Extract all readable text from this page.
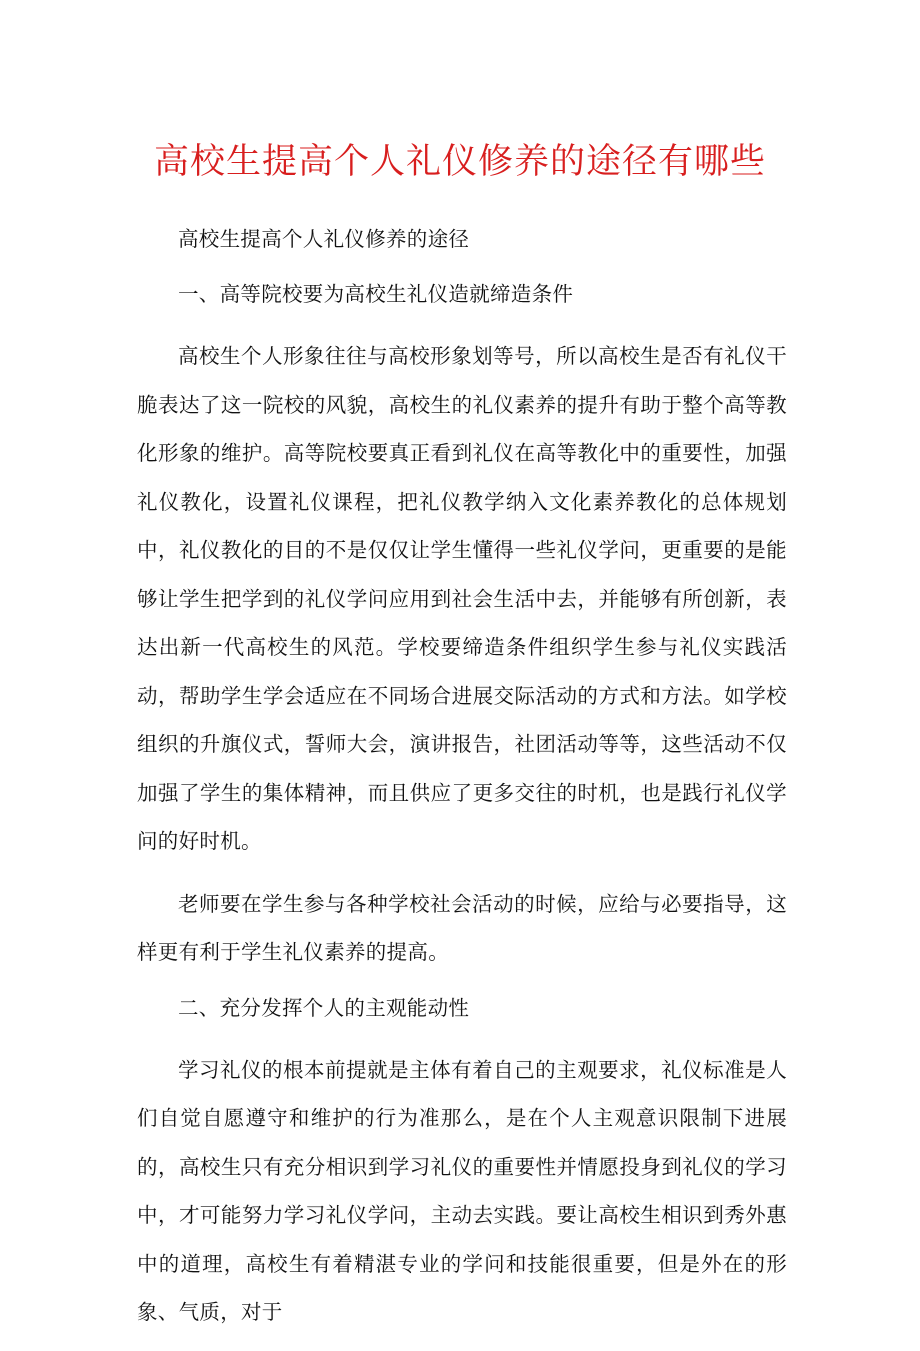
高校生提高个人礼仪修养的途径有哪些

高校生提高个人礼仪修养的途径

一、高等院校要为高校生礼仪造就缔造条件

高校生个人形象往往与高校形象划等号，所以高校生是否有礼仪干脆表达了这一院校的风貌，高校生的礼仪素养的提升有助于整个高等教化形象的维护。高等院校要真正看到礼仪在高等教化中的重要性，加强礼仪教化，设置礼仪课程，把礼仪教学纳入文化素养教化的总体规划中，礼仪教化的目的不是仅仅让学生懂得一些礼仪学问，更重要的是能够让学生把学到的礼仪学问应用到社会生活中去，并能够有所创新，表达出新一代高校生的风范。学校要缔造条件组织学生参与礼仪实践活动，帮助学生学会适应在不同场合进展交际活动的方式和方法。如学校组织的升旗仪式，誓师大会，演讲报告，社团活动等等，这些活动不仅加强了学生的集体精神，而且供应了更多交往的时机，也是践行礼仪学问的好时机。

老师要在学生参与各种学校社会活动的时候，应给与必要指导，这样更有利于学生礼仪素养的提高。

二、充分发挥个人的主观能动性

学习礼仪的根本前提就是主体有着自己的主观要求，礼仪标准是人们自觉自愿遵守和维护的行为准那么，是在个人主观意识限制下进展的，高校生只有充分相识到学习礼仪的重要性并情愿投身到礼仪的学习中，才可能努力学习礼仪学问，主动去实践。要让高校生相识到秀外惠中的道理，高校生有着精湛专业的学问和技能很重要，但是外在的形象、气质，对于
